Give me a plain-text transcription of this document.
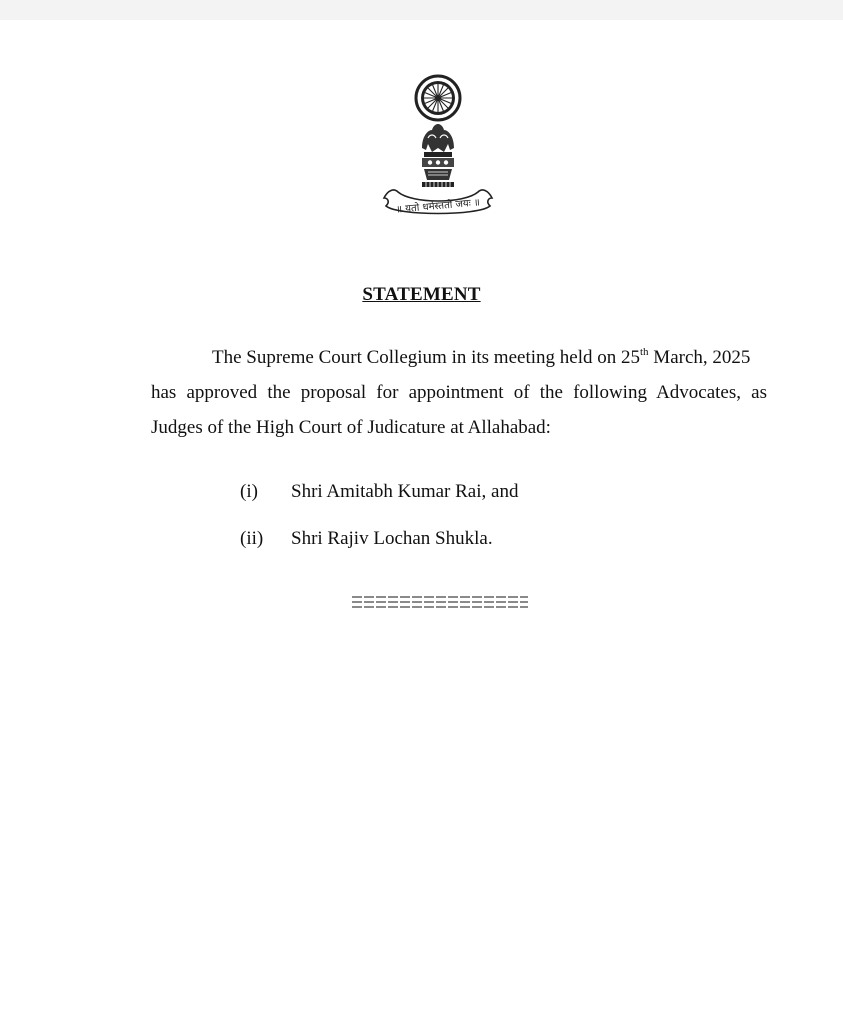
॥ यतो धर्मस्ततो जयः ॥
STATEMENT
The Supreme Court Collegium in its meeting held on 25th March, 2025
has approved the proposal for appointment of the following Advocates, as
Judges of the High Court of Judicature at Allahabad:
(i) Shri Amitabh Kumar Rai, and
(ii) Shri Rajiv Lochan Shukla.
